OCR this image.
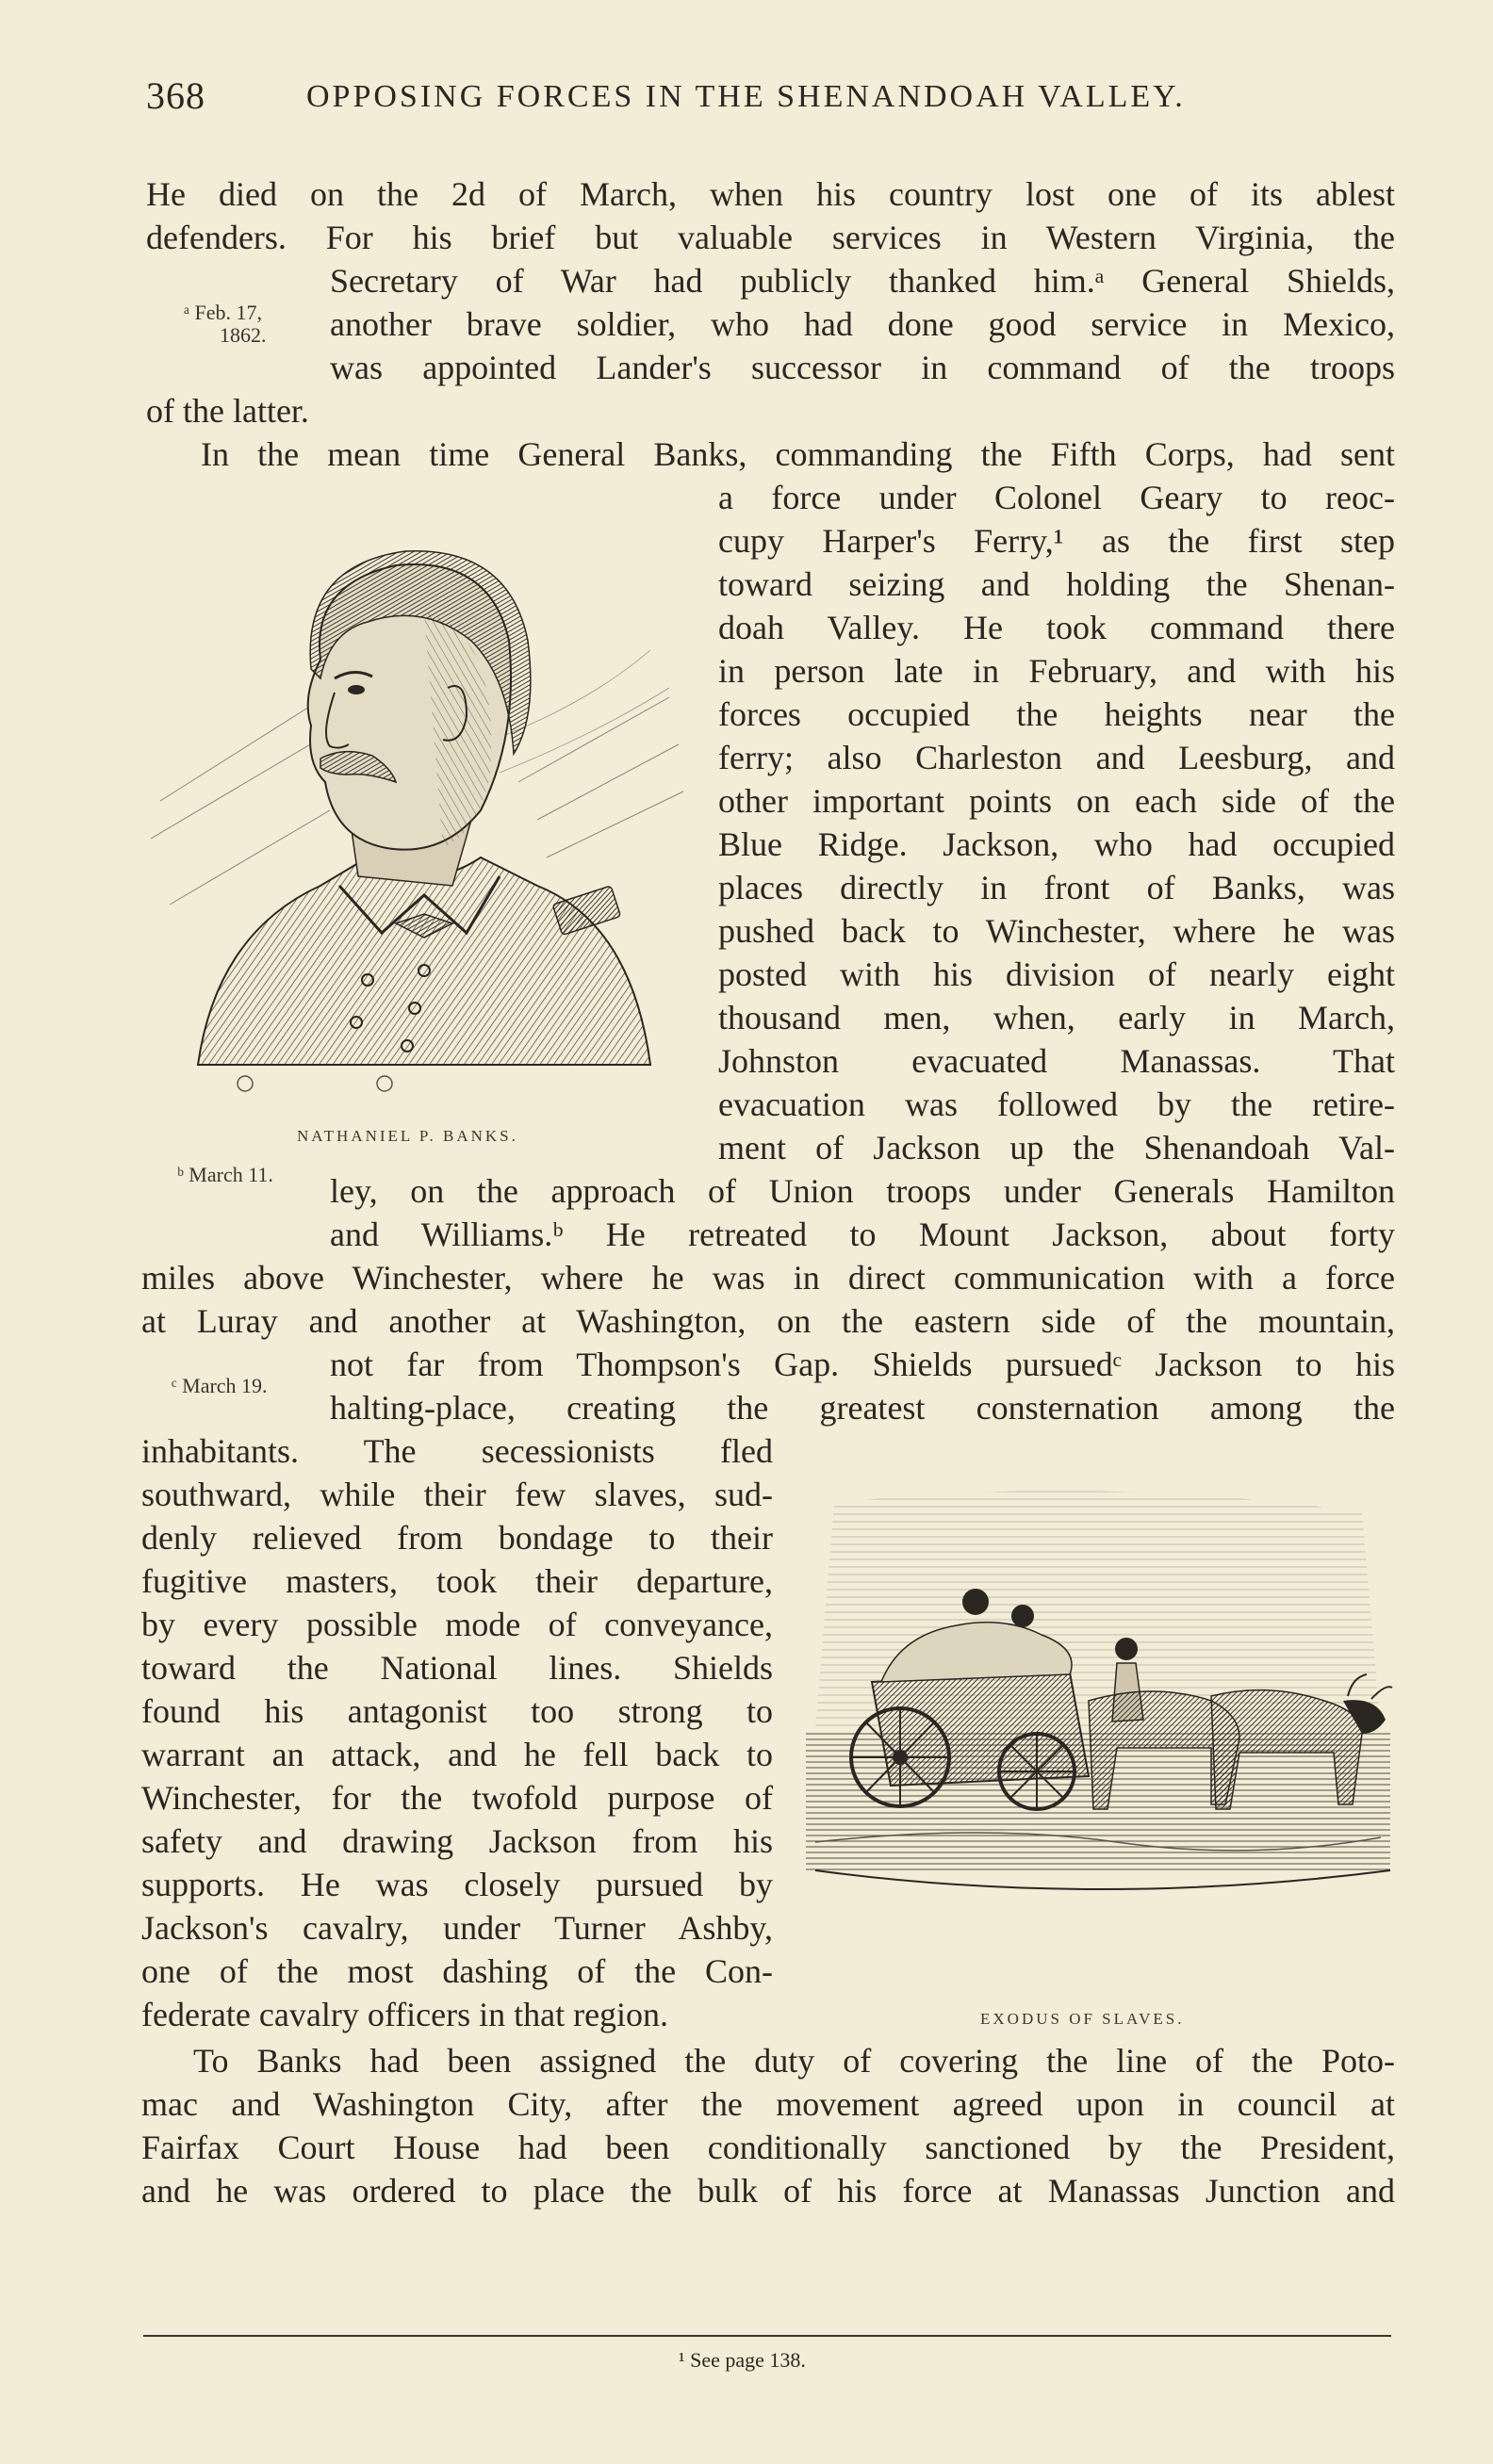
368	OPPOSING FORCES IN THE SHENANDOAH VALLEY.
He died on the 2d of March, when his country lost one of its ablest
defenders. For his brief but valuable services in Western Virginia, the
Secretary of War had publicly thanked him.ᵃ General Shields,
another brave soldier, who had done good service in Mexico,
was appointed Lander's successor in command of the troops
of the latter.
ᵃ Feb. 17,
1862.
In the mean time General Banks, commanding the Fifth Corps, had sent
a force under Colonel Geary to reoc-
cupy Harper's Ferry,¹ as the first step
toward seizing and holding the Shenan-
doah Valley. He took command there
in person late in February, and with his
forces occupied the heights near the
ferry; also Charleston and Leesburg, and
other important points on each side of the
Blue Ridge. Jackson, who had occupied
places directly in front of Banks, was
pushed back to Winchester, where he was
posted with his division of nearly eight
thousand men, when, early in March,
Johnston evacuated Manassas. That
evacuation was followed by the retire-
ment of Jackson up the Shenandoah Val-
ley, on the approach of Union troops under Generals Hamilton
and Williams.ᵇ He retreated to Mount Jackson, about forty
miles above Winchester, where he was in direct communication with a force
at Luray and another at Washington, on the eastern side of the mountain,
not far from Thompson's Gap. Shields pursuedᶜ Jackson to his
halting-place, creating the greatest consternation among the
inhabitants. The secessionists fled
southward, while their few slaves, sud-
denly relieved from bondage to their
fugitive masters, took their departure,
by every possible mode of conveyance,
toward the National lines. Shields
found his antagonist too strong to
warrant an attack, and he fell back to
Winchester, for the twofold purpose of
safety and drawing Jackson from his
supports. He was closely pursued by
Jackson's cavalry, under Turner Ashby,
one of the most dashing of the Con-
federate cavalry officers in that region.
To Banks had been assigned the duty of covering the line of the Poto-
mac and Washington City, after the movement agreed upon in council at
Fairfax Court House had been conditionally sanctioned by the President,
and he was ordered to place the bulk of his force at Manassas Junction and
ᵇ March 11.
ᶜ March 19.
NATHANIEL P. BANKS.
EXODUS OF SLAVES.
¹ See page 138.
